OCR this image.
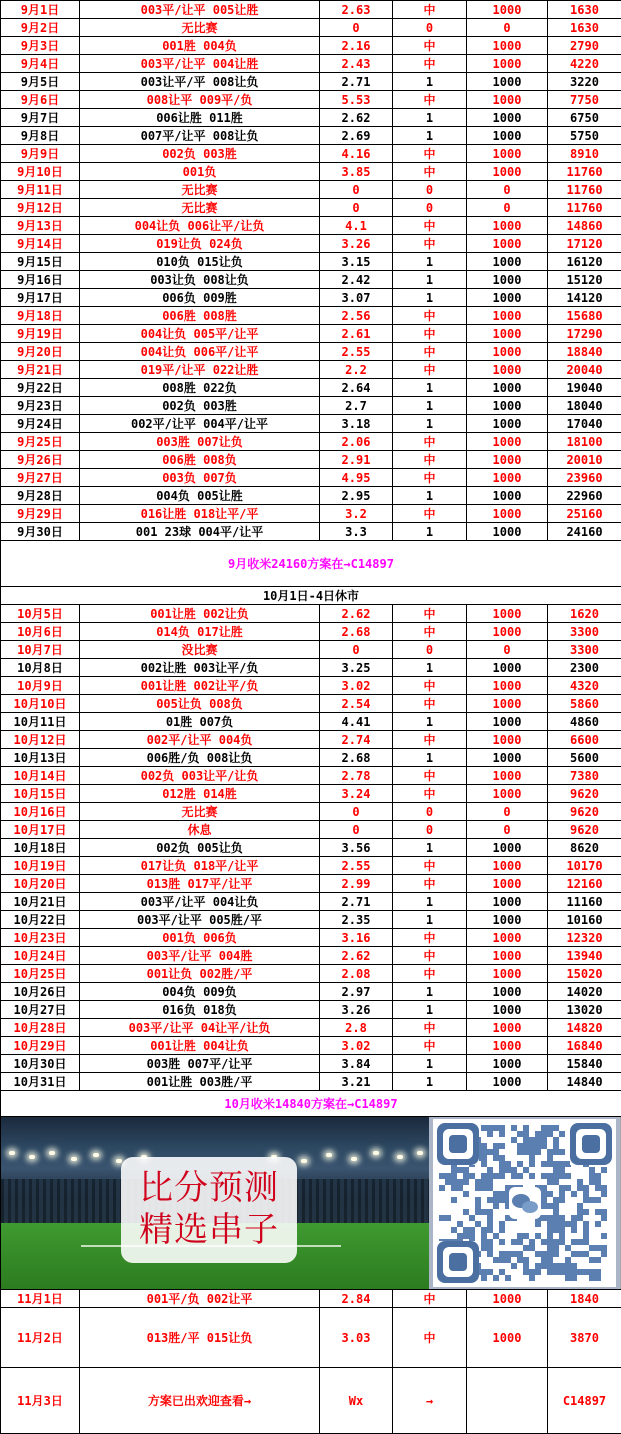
9月1日	003平/让平 005让胜	2.63	中	1000	1630
9月2日	无比赛	0	0	0	1630
9月3日	001胜 004负	2.16	中	1000	2790
9月4日	003平/让平 004让胜	2.43	中	1000	4220
9月5日	003让平/平 008让负	2.71	1	1000	3220
9月6日	008让平 009平/负	5.53	中	1000	7750
9月7日	006让胜 011胜	2.62	1	1000	6750
9月8日	007平/让平 008让负	2.69	1	1000	5750
9月9日	002负 003胜	4.16	中	1000	8910
9月10日	001负	3.85	中	1000	11760
9月11日	无比赛	0	0	0	11760
9月12日	无比赛	0	0	0	11760
9月13日	004让负 006让平/让负	4.1	中	1000	14860
9月14日	019让负 024负	3.26	中	1000	17120
9月15日	010负 015让负	3.15	1	1000	16120
9月16日	003让负 008让负	2.42	1	1000	15120
9月17日	006负 009胜	3.07	1	1000	14120
9月18日	006胜 008胜	2.56	中	1000	15680
9月19日	004让负 005平/让平	2.61	中	1000	17290
9月20日	004让负 006平/让平	2.55	中	1000	18840
9月21日	019平/让平 022让胜	2.2	中	1000	20040
9月22日	008胜 022负	2.64	1	1000	19040
9月23日	002负 003胜	2.7	1	1000	18040
9月24日	002平/让平 004平/让平	3.18	1	1000	17040
9月25日	003胜 007让负	2.06	中	1000	18100
9月26日	006胜 008负	2.91	中	1000	20010
9月27日	003负 007负	4.95	中	1000	23960
9月28日	004负 005让胜	2.95	1	1000	22960
9月29日	016让胜 018让平/平	3.2	中	1000	25160
9月30日	001 23球 004平/让平	3.3	1	1000	24160
9月收米24160方案在→C14897					
10月1日-4日休市					
10月5日	001让胜 002让负	2.62	中	1000	1620
10月6日	014负 017让胜	2.68	中	1000	3300
10月7日	没比赛	0	0	0	3300
10月8日	002让胜 003让平/负	3.25	1	1000	2300
10月9日	001让胜 002让平/负	3.02	中	1000	4320
10月10日	005让负 008负	2.54	中	1000	5860
10月11日	01胜 007负	4.41	1	1000	4860
10月12日	002平/让平 004负	2.74	中	1000	6600
10月13日	006胜/负 008让负	2.68	1	1000	5600
10月14日	002负 003让平/让负	2.78	中	1000	7380
10月15日	012胜 014胜	3.24	中	1000	9620
10月16日	无比赛	0	0	0	9620
10月17日	休息	0	0	0	9620
10月18日	002负 005让负	3.56	1	1000	8620
10月19日	017让负 018平/让平	2.55	中	1000	10170
10月20日	013胜 017平/让平	2.99	中	1000	12160
10月21日	003平/让平 004让负	2.71	1	1000	11160
10月22日	003平/让平 005胜/平	2.35	1	1000	10160
10月23日	001负 006负	3.16	中	1000	12320
10月24日	003平/让平 004胜	2.62	中	1000	13940
10月25日	001让负 002胜/平	2.08	中	1000	15020
10月26日	004负 009负	2.97	1	1000	14020
10月27日	016负 018负	3.26	1	1000	13020
10月28日	003平/让平 04让平/让负	2.8	中	1000	14820
10月29日	001让胜 004让负	3.02	中	1000	16840
10月30日	003胜 007平/让平	3.84	1	1000	15840
10月31日	001让胜 003胜/平	3.21	1	1000	14840
10月收米14840方案在→C14897					

比分预测
精选串子					

11月1日	001平/负 002让平	2.84	中	1000	1840
11月2日	013胜/平 015让负	3.03	中	1000	3870
11月3日	方案已出欢迎查看→	Wx	→		C14897
